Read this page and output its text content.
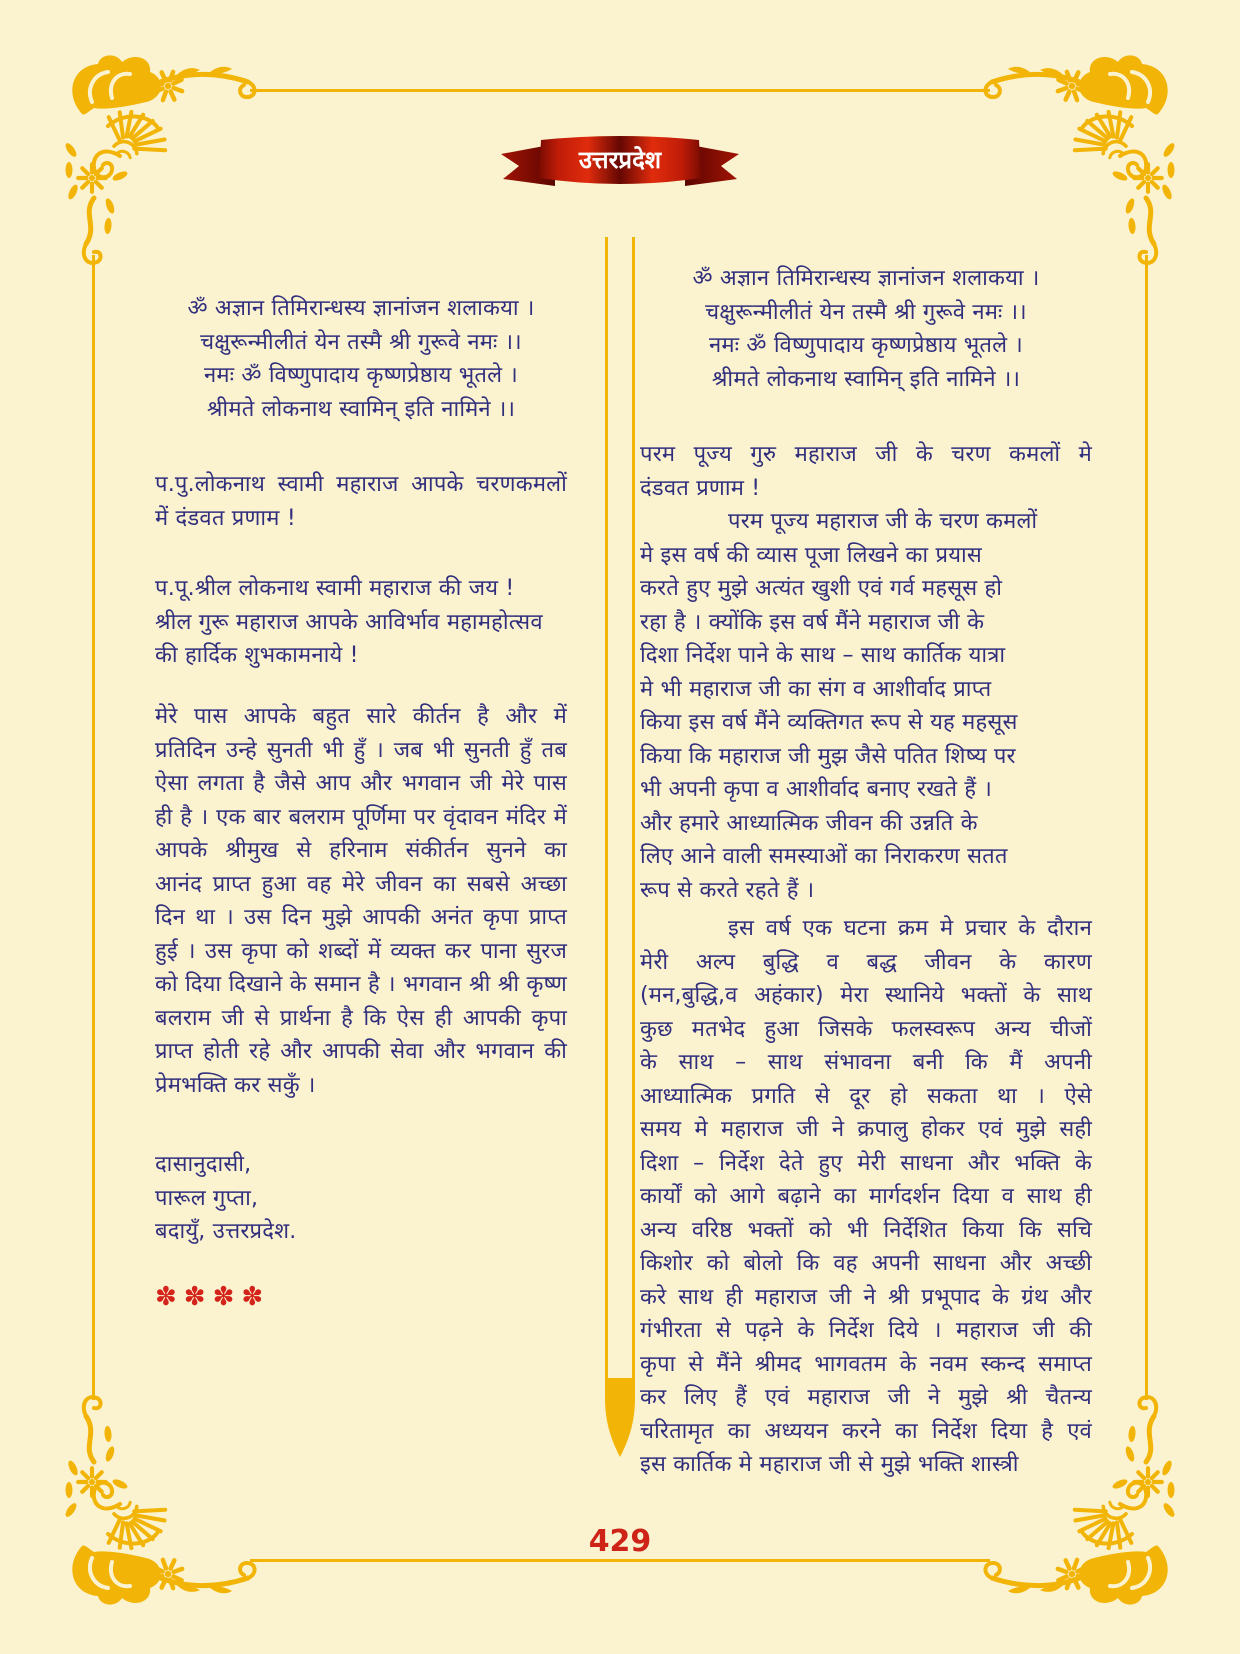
उत्तरप्रदेश
ॐ अज्ञान तिमिरान्धस्य ज्ञानांजन शलाकया ।
चक्षुरून्मीलीतं येन तस्मै श्री गुरूवे नमः ।।
नमः ॐ विष्णुपादाय कृष्णप्रेष्ठाय भूतले ।
श्रीमते लोकनाथ स्वामिन् इति नामिने ।।
प.पु.लोकनाथ स्वामी महाराज आपके चरणकमलों
में दंडवत प्रणाम !
प.पू.श्रील लोकनाथ स्वामी महाराज की जय !
श्रील गुरू महाराज आपके आविर्भाव महामहोत्सव
की हार्दिक शुभकामनाये !
मेरे पास आपके बहुत सारे कीर्तन है और में
प्रतिदिन उन्हे सुनती भी हुँ । जब भी सुनती हुँ तब
ऐसा लगता है जैसे आप और भगवान जी मेरे पास
ही है । एक बार बलराम पूर्णिमा पर वृंदावन मंदिर में
आपके श्रीमुख से हरिनाम संकीर्तन सुनने का
आनंद प्राप्त हुआ वह मेरे जीवन का सबसे अच्छा
दिन था । उस दिन मुझे आपकी अनंत कृपा प्राप्त
हुई । उस कृपा को शब्दों में व्यक्त कर पाना सुरज
को दिया दिखाने के समान है । भगवान श्री श्री कृष्ण
बलराम जी से प्रार्थना है कि ऐस ही आपकी कृपा
प्राप्त होती रहे और आपकी सेवा और भगवान की
प्रेमभक्ति कर सकुँ ।
दासानुदासी,
पारूल गुप्ता,
बदायुँ, उत्तरप्रदेश.
✽✽✽✽
ॐ अज्ञान तिमिरान्धस्य ज्ञानांजन शलाकया ।
चक्षुरून्मीलीतं येन तस्मै श्री गुरूवे नमः ।।
नमः ॐ विष्णुपादाय कृष्णप्रेष्ठाय भूतले ।
श्रीमते लोकनाथ स्वामिन् इति नामिने ।।
परम पूज्य गुरु महाराज जी के चरण कमलों मे
दंडवत प्रणाम !
परम पूज्य महाराज जी के चरण कमलों
मे इस वर्ष की व्यास पूजा लिखने का प्रयास
करते हुए मुझे अत्यंत खुशी एवं गर्व महसूस हो
रहा है । क्योंकि इस वर्ष मैंने महाराज जी के
दिशा निर्देश पाने के साथ – साथ कार्तिक यात्रा
मे भी महाराज जी का संग व आशीर्वाद प्राप्त
किया इस वर्ष मैंने व्यक्तिगत रूप से यह महसूस
किया कि महाराज जी मुझ जैसे पतित शिष्य पर
भी अपनी कृपा व आशीर्वाद बनाए रखते हैं ।
और हमारे आध्यात्मिक जीवन की उन्नति के
लिए आने वाली समस्याओं का निराकरण सतत
रूप से करते रहते हैं ।
इस वर्ष एक घटना क्रम मे प्रचार के दौरान
मेरी अल्प बुद्धि व बद्ध जीवन के कारण
(मन,बुद्धि,व अहंकार) मेरा स्थानिये भक्तों के साथ
कुछ मतभेद हुआ जिसके फलस्वरूप अन्य चीजों
के साथ – साथ संभावना बनी कि मैं अपनी
आध्यात्मिक प्रगति से दूर हो सकता था । ऐसे
समय मे महाराज जी ने क्रपालु होकर एवं मुझे सही
दिशा – निर्देश देते हुए मेरी साधना और भक्ति के
कार्यों को आगे बढ़ाने का मार्गदर्शन दिया व साथ ही
अन्य वरिष्ठ भक्तों को भी निर्देशित किया कि सचि
किशोर को बोलो कि वह अपनी साधना और अच्छी
करे साथ ही महाराज जी ने श्री प्रभूपाद के ग्रंथ और
गंभीरता से पढ़ने के निर्देश दिये । महाराज जी की
कृपा से मैंने श्रीमद भागवतम के नवम स्कन्द समाप्त
कर लिए हैं एवं महाराज जी ने मुझे श्री चैतन्य
चरितामृत का अध्ययन करने का निर्देश दिया है एवं
इस कार्तिक मे महाराज जी से मुझे भक्ति शास्त्री
429
